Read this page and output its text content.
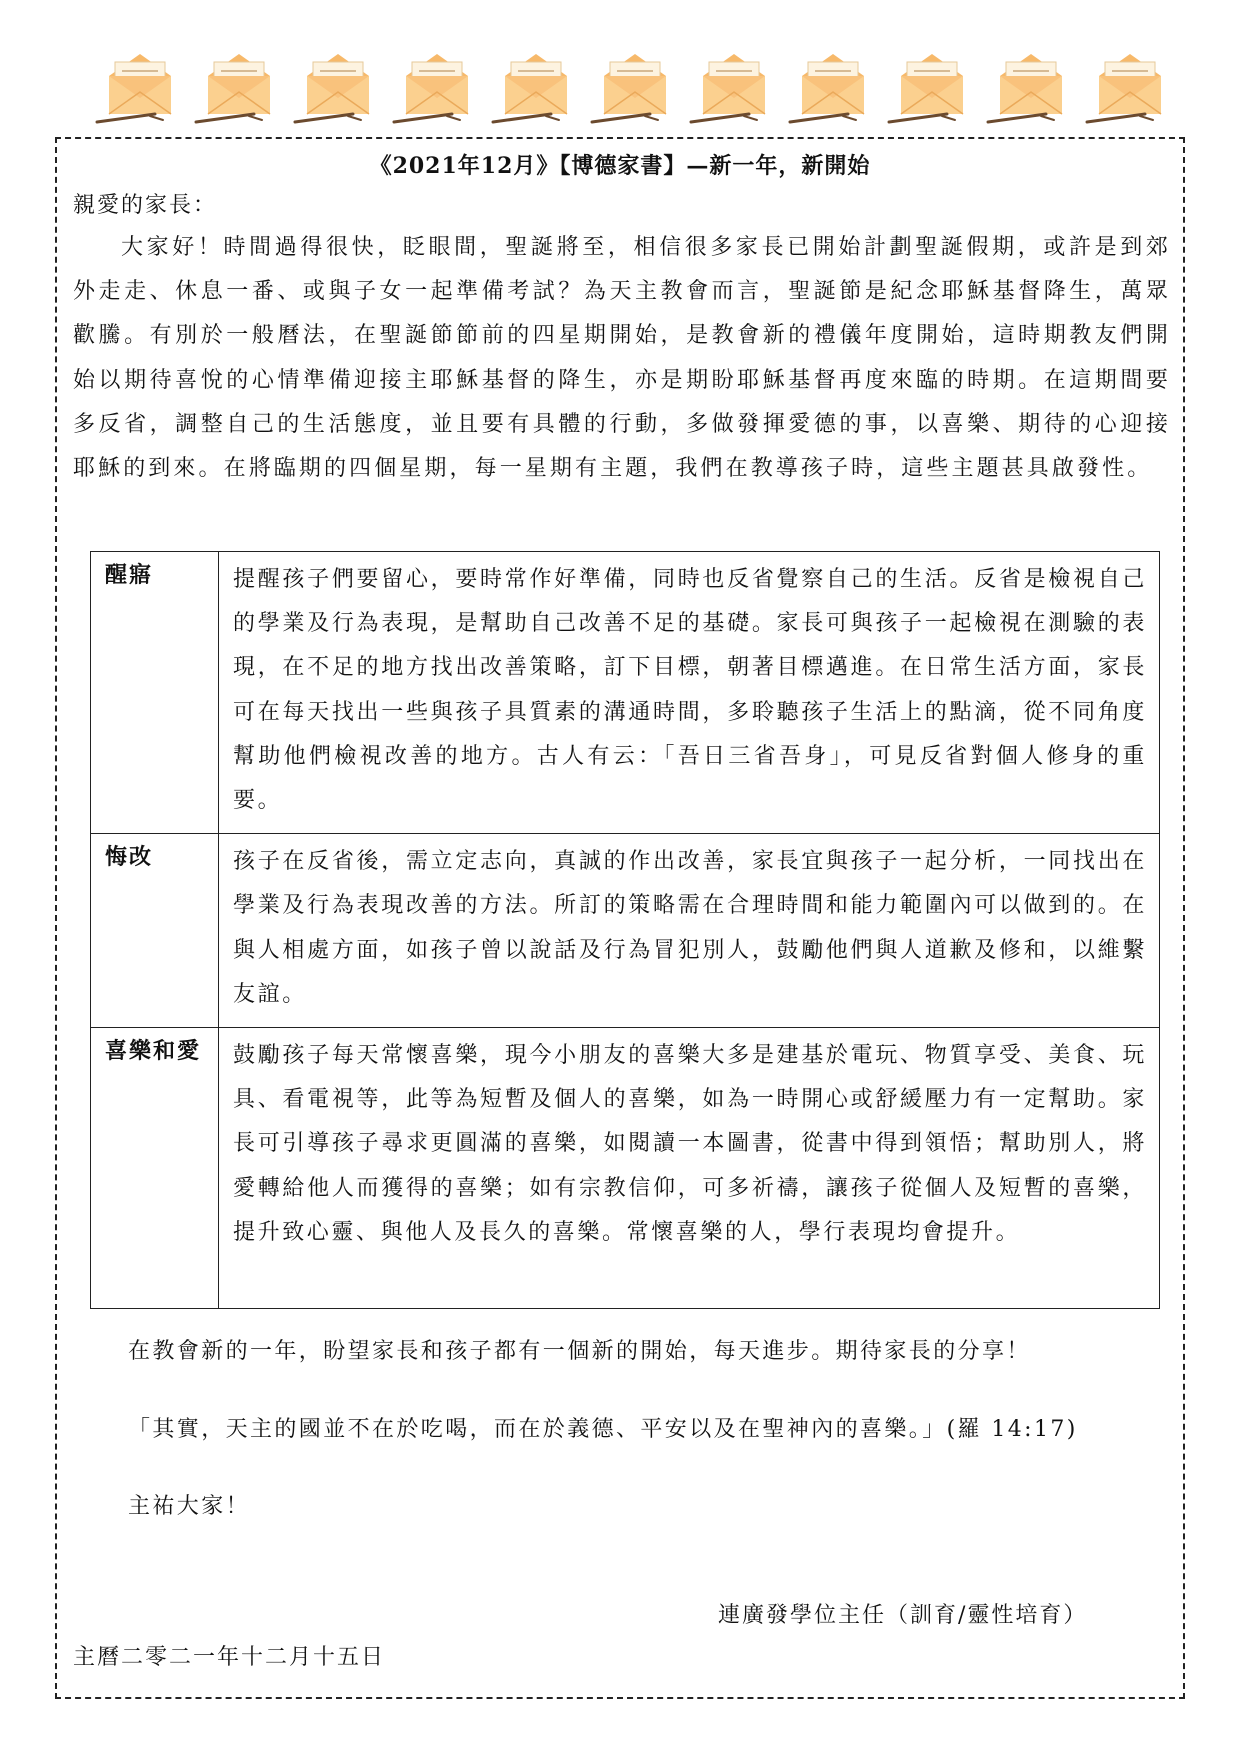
《2021年12月》【博德家書】—新一年，新開始
親愛的家長：

大家好！時間過得很快，眨眼間，聖誕將至，相信很多家長已開始計劃聖誕假期，或許是到郊外走走、休息一番、或與子女一起準備考試？為天主教會而言，聖誕節是紀念耶穌基督降生，萬眾歡騰。有別於一般曆法，在聖誕節節前的四星期開始，是教會新的禮儀年度開始，這時期教友們開始以期待喜悅的心情準備迎接主耶穌基督的降生，亦是期盼耶穌基督再度來臨的時期。在這期間要多反省，調整自己的生活態度，並且要有具體的行動，多做發揮愛德的事，以喜樂、期待的心迎接耶穌的到來。在將臨期的四個星期，每一星期有主題，我們在教導孩子時，這些主題甚具啟發性。

醒寤	提醒孩子們要留心，要時常作好準備，同時也反省覺察自己的生活。反省是檢視自己的學業及行為表現，是幫助自己改善不足的基礎。家長可與孩子一起檢視在測驗的表現，在不足的地方找出改善策略，訂下目標，朝著目標邁進。在日常生活方面，家長可在每天找出一些與孩子具質素的溝通時間，多聆聽孩子生活上的點滴，從不同角度幫助他們檢視改善的地方。古人有云：「吾日三省吾身」，可見反省對個人修身的重要。
悔改	孩子在反省後，需立定志向，真誠的作出改善，家長宜與孩子一起分析，一同找出在學業及行為表現改善的方法。所訂的策略需在合理時間和能力範圍內可以做到的。在與人相處方面，如孩子曾以說話及行為冒犯別人，鼓勵他們與人道歉及修和，以維繫友誼。
喜樂和愛	鼓勵孩子每天常懷喜樂，現今小朋友的喜樂大多是建基於電玩、物質享受、美食、玩具、看電視等，此等為短暫及個人的喜樂，如為一時開心或舒緩壓力有一定幫助。家長可引導孩子尋求更圓滿的喜樂，如閱讀一本圖書，從書中得到領悟；幫助別人，將愛轉給他人而獲得的喜樂；如有宗教信仰，可多祈禱，讓孩子從個人及短暫的喜樂，提升致心靈、與他人及長久的喜樂。常懷喜樂的人，學行表現均會提升。
在教會新的一年，盼望家長和孩子都有一個新的開始，每天進步。期待家長的分享！
「其實，天主的國並不在於吃喝，而在於義德、平安以及在聖神內的喜樂。」(羅 14:17)
主祐大家！
連廣發學位主任（訓育/靈性培育）
主曆二零二一年十二月十五日
